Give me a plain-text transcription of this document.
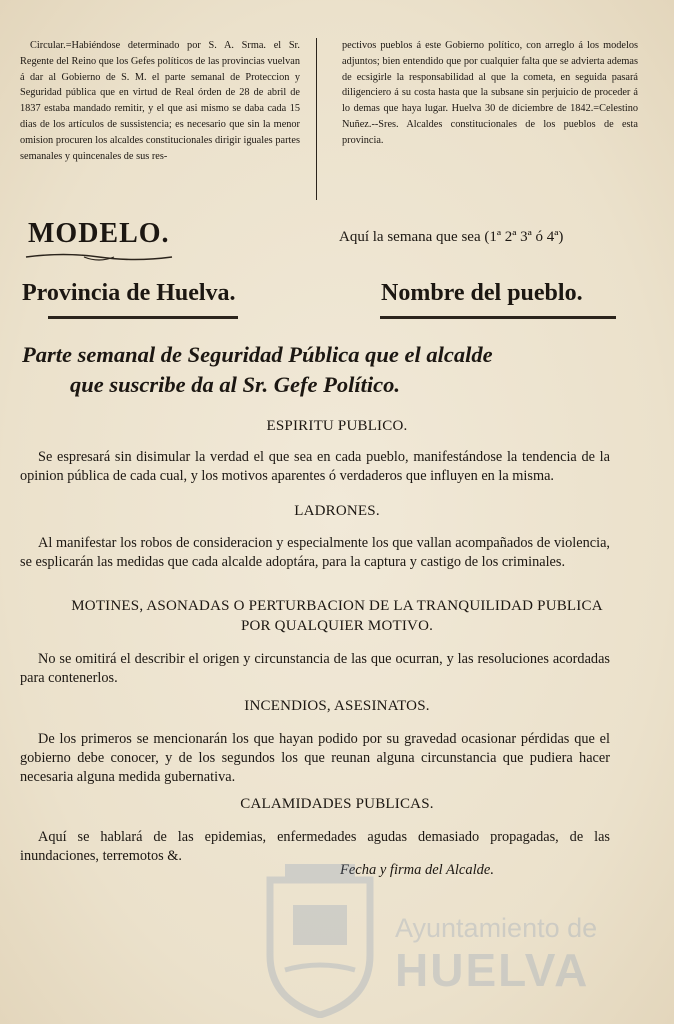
Circular.=Habiéndose determinado por S. A. Srma. el Sr. Regente del Reino que los Gefes políticos de las provincias vuelvan á dar al Gobierno de S. M. el parte semanal de Proteccion y Seguridad pública que en virtud de Real órden de 28 de abril de 1837 estaba mandado remitir, y el que asi mismo se daba cada 15 dias de los artículos de sussistencia; es necesario que sin la menor omision procuren los alcaldes constitucionales dirigir iguales partes semanales y quincenales de sus res-
pectivos pueblos á este Gobierno político, con arreglo á los modelos adjuntos; bien entendido que por cualquier falta que se advierta ademas de ecsigirle la responsabilidad al que la cometa, en seguida pasará diligenciero á su costa hasta que la subsane sin perjuicio de proceder á lo demas que haya lugar. Huelva 30 de diciembre de 1842.=Celestino Nuñez.--Sres. Alcaldes constitucionales de los pueblos de esta provincia.
MODELO.	Aquí la semana que sea (1ª 2ª 3ª ó 4ª)
Provincia de Huelva.	Nombre del pueblo.
Parte semanal de Seguridad Pública que el alcalde
que suscribe da al Sr. Gefe Político.
ESPIRITU PUBLICO.

Se espresará sin disimular la verdad el que sea en cada pueblo, manifestándose la tendencia de la opinion pública de cada cual, y los motivos aparentes ó verdaderos que influyen en la misma.

LADRONES.

Al manifestar los robos de consideracion y especialmente los que vallan acompañados de violencia, se esplicarán las medidas que cada alcalde adoptára, para la captura y castigo de los criminales.

MOTINES, ASONADAS O PERTURBACION DE LA TRANQUILIDAD PUBLICA
POR QUALQUIER MOTIVO.

No se omitirá el describir el origen y circunstancia de las que ocurran, y las resoluciones acordadas para contenerlos.

INCENDIOS, ASESINATOS.

De los primeros se mencionarán los que hayan podido por su gravedad ocasionar pérdidas que el gobierno debe conocer, y de los segundos los que reunan alguna circunstancia que pudiera hacer necesaria alguna medida gubernativa.

CALAMIDADES PUBLICAS.

Aquí se hablará de las epidemias, enfermedades agudas demasiado propagadas, de las inundaciones, terremotos &.

Fecha y firma del Alcalde.
Ayuntamiento de
HUELVA
